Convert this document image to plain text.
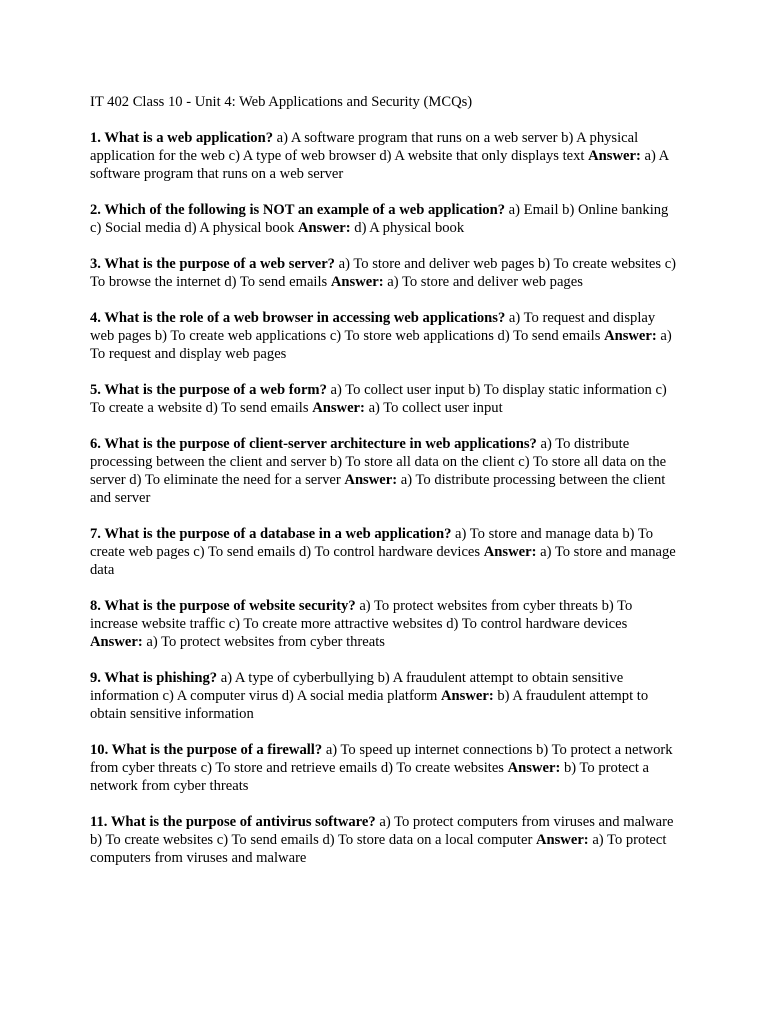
IT 402 Class 10 - Unit 4: Web Applications and Security (MCQs)

1. What is a web application? a) A software program that runs on a web server b) A physical application for the web c) A type of web browser d) A website that only displays text Answer: a) A software program that runs on a web server

2. Which of the following is NOT an example of a web application? a) Email b) Online banking c) Social media d) A physical book Answer: d) A physical book

3. What is the purpose of a web server? a) To store and deliver web pages b) To create websites c) To browse the internet d) To send emails Answer: a) To store and deliver web pages

4. What is the role of a web browser in accessing web applications? a) To request and display web pages b) To create web applications c) To store web applications d) To send emails Answer: a) To request and display web pages

5. What is the purpose of a web form? a) To collect user input b) To display static information c) To create a website d) To send emails Answer: a) To collect user input

6. What is the purpose of client-server architecture in web applications? a) To distribute processing between the client and server b) To store all data on the client c) To store all data on the server d) To eliminate the need for a server Answer: a) To distribute processing between the client and server

7. What is the purpose of a database in a web application? a) To store and manage data b) To create web pages c) To send emails d) To control hardware devices Answer: a) To store and manage data

8. What is the purpose of website security? a) To protect websites from cyber threats b) To increase website traffic c) To create more attractive websites d) To control hardware devices Answer: a) To protect websites from cyber threats

9. What is phishing? a) A type of cyberbullying b) A fraudulent attempt to obtain sensitive information c) A computer virus d) A social media platform Answer: b) A fraudulent attempt to obtain sensitive information

10. What is the purpose of a firewall? a) To speed up internet connections b) To protect a network from cyber threats c) To store and retrieve emails d) To create websites Answer: b) To protect a network from cyber threats

11. What is the purpose of antivirus software? a) To protect computers from viruses and malware b) To create websites c) To send emails d) To store data on a local computer Answer: a) To protect computers from viruses and malware
